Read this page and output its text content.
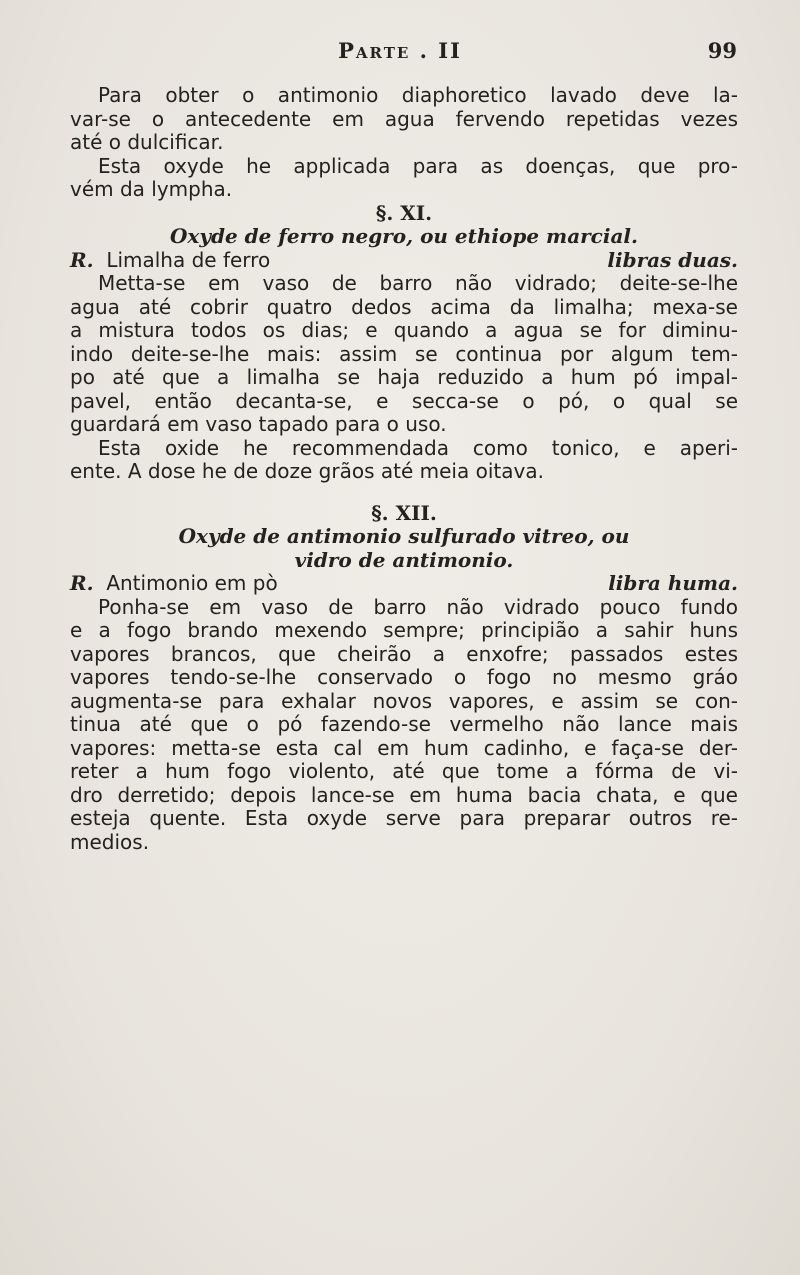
Parte . II	99
Para obter o antimonio diaphoretico lavado deve la-
var-se o antecedente em agua fervendo repetidas vezes
até o dulcificar.
Esta oxyde he applicada para as doenças, que pro-
vém da lympha.
§. XI.
Oxyde de ferro negro, ou ethiope marcial.
R. Limalha de ferro	libras duas.
Metta-se em vaso de barro não vidrado; deite-se-lhe
agua até cobrir quatro dedos acima da limalha; mexa-se
a mistura todos os dias; e quando a agua se for diminu-
indo deite-se-lhe mais: assim se continua por algum tem-
po até que a limalha se haja reduzido a hum pó impal-
pavel, então decanta-se, e secca-se o pó, o qual se
guardará em vaso tapado para o uso.
Esta oxide he recommendada como tonico, e aperi-
ente. A dose he de doze grãos até meia oitava.
§. XII.
Oxyde de antimonio sulfurado vitreo, ou
vidro de antimonio.
R. Antimonio em pò	libra huma.
Ponha-se em vaso de barro não vidrado pouco fundo
e a fogo brando mexendo sempre; principião a sahir huns
vapores brancos, que cheirão a enxofre; passados estes
vapores tendo-se-lhe conservado o fogo no mesmo gráo
augmenta-se para exhalar novos vapores, e assim se con-
tinua até que o pó fazendo-se vermelho não lance mais
vapores: metta-se esta cal em hum cadinho, e faça-se der-
reter a hum fogo violento, até que tome a fórma de vi-
dro derretido; depois lance-se em huma bacia chata, e que
esteja quente. Esta oxyde serve para preparar outros re-
medios.
